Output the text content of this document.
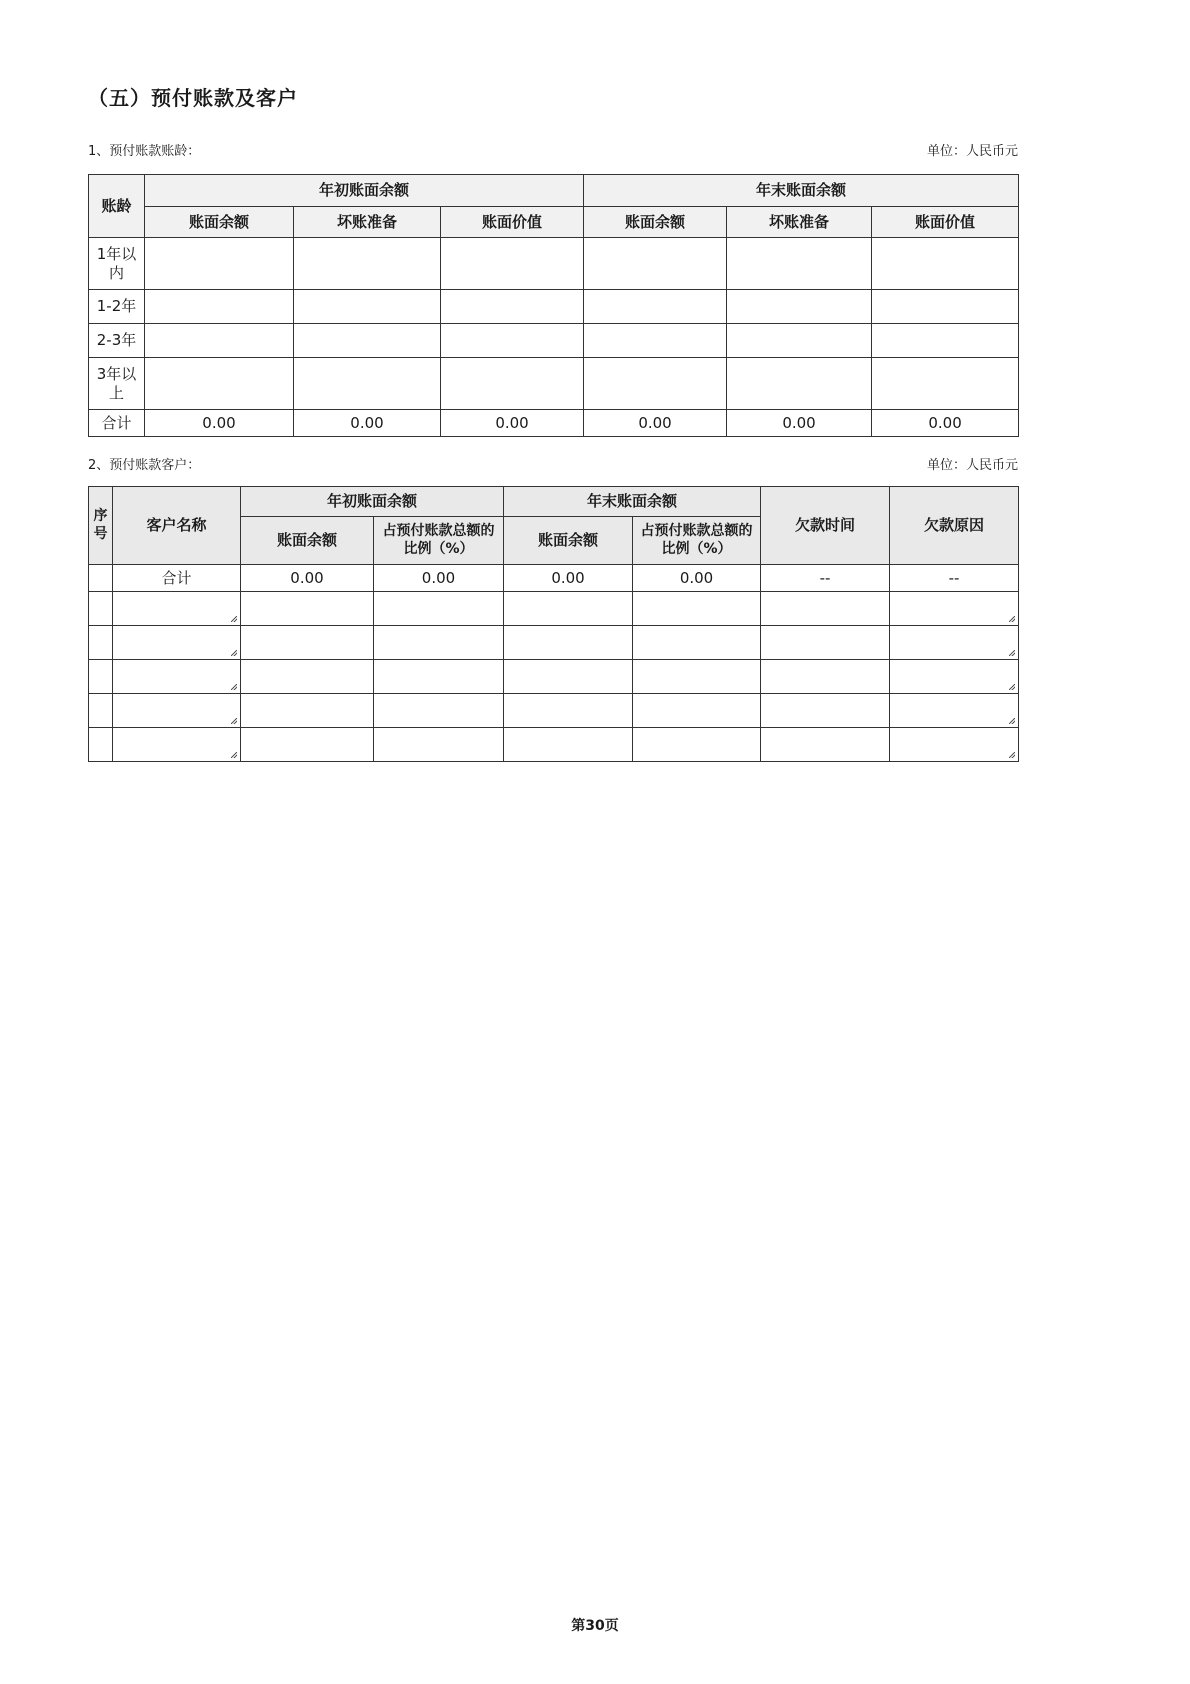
（五）预付账款及客户
1、预付账款账龄：	单位：人民币元
账龄	年初账面余额			年末账面余额		
	账面余额	坏账准备	账面价值	账面余额	坏账准备	账面价值
1年以内						
1-2年						
2-3年						
3年以上						
合计	0.00	0.00	0.00	0.00	0.00	0.00
2、预付账款客户：	单位：人民币元
序号	客户名称	年初账面余额		年末账面余额		欠款时间	欠款原因
		账面余额	占预付账款总额的比例（%）	账面余额	占预付账款总额的比例（%）		
	合计	0.00	0.00	0.00	0.00	--	--

第30页
